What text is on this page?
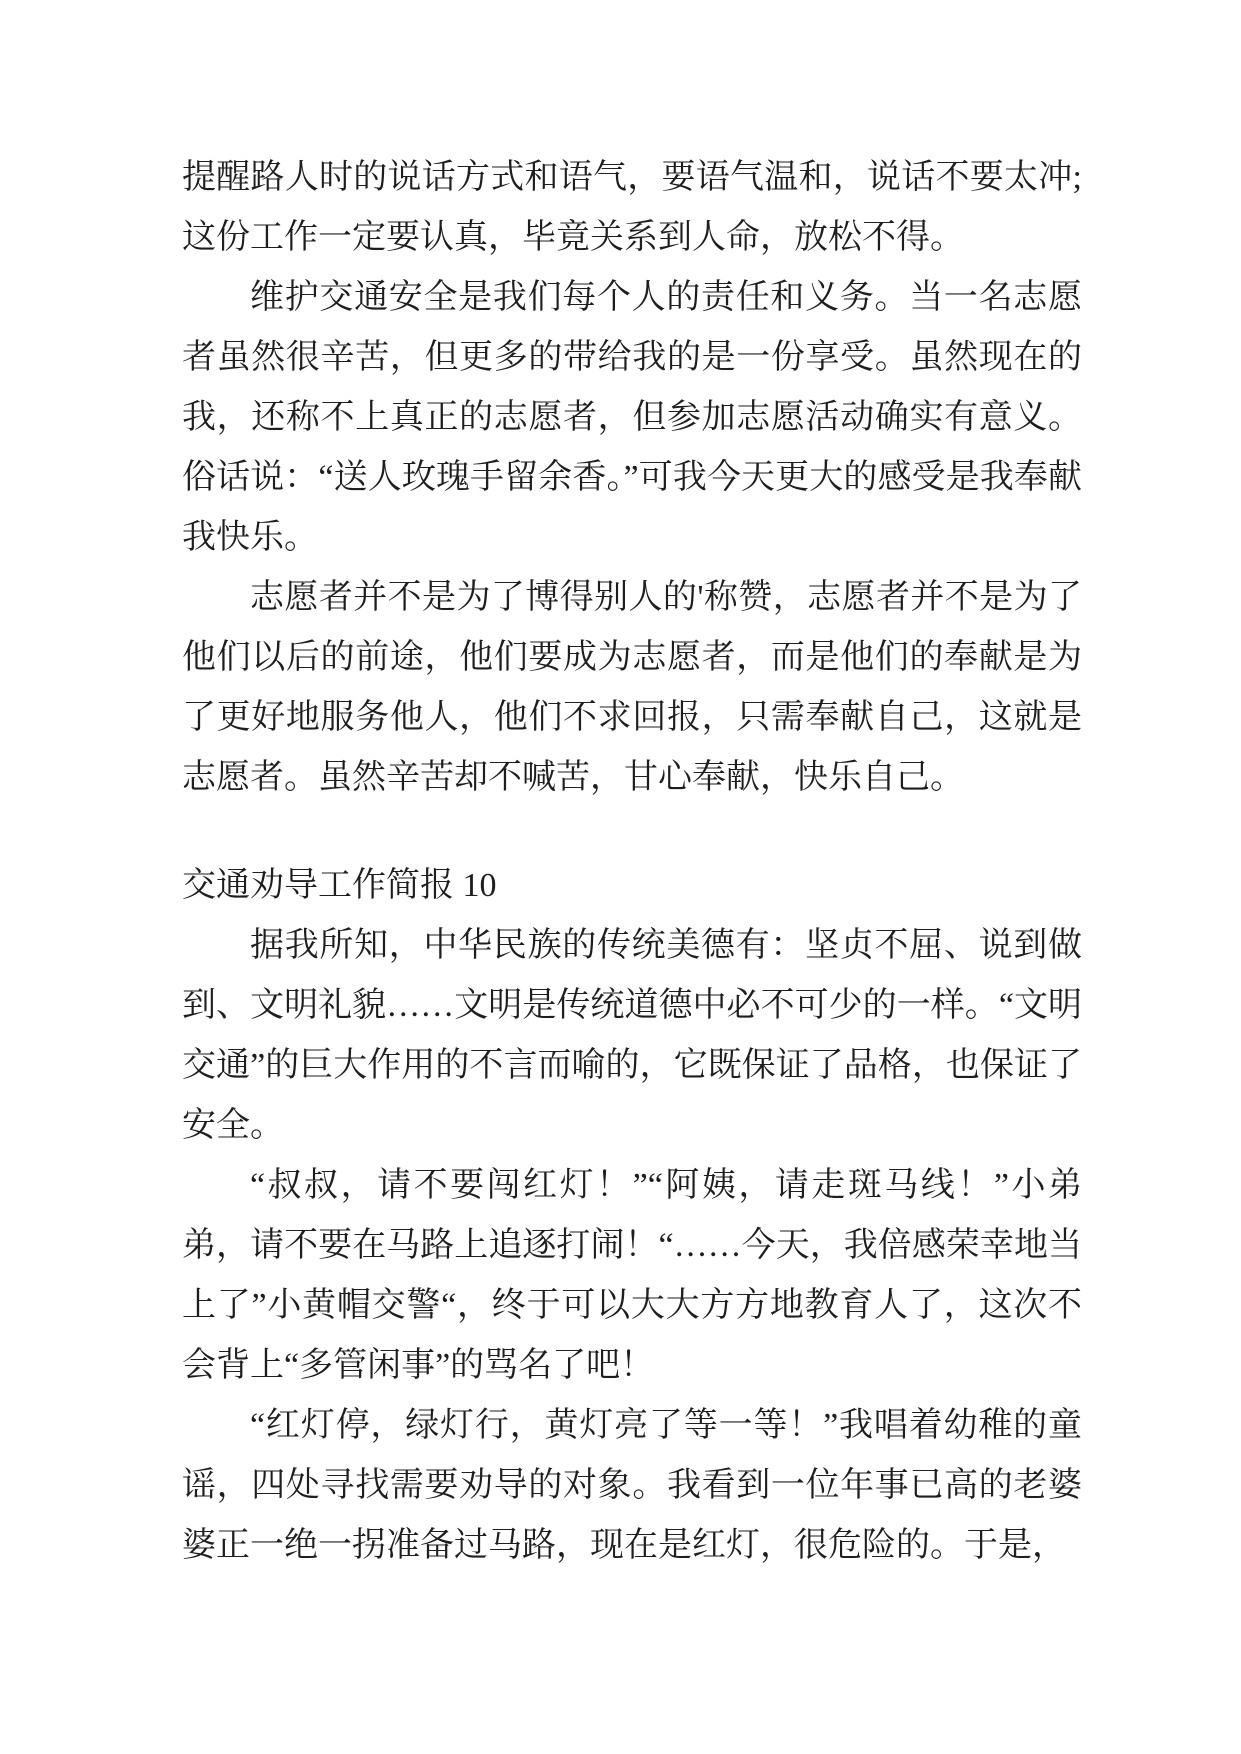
提醒路人时的说话方式和语气，要语气温和，说话不要太冲;这份工作一定要认真，毕竟关系到人命，放松不得。

维护交通安全是我们每个人的责任和义务。当一名志愿者虽然很辛苦，但更多的带给我的是一份享受。虽然现在的我，还称不上真正的志愿者，但参加志愿活动确实有意义。俗话说：“送人玫瑰手留余香。”可我今天更大的感受是我奉献我快乐。

志愿者并不是为了博得别人的'称赞，志愿者并不是为了他们以后的前途，他们要成为志愿者，而是他们的奉献是为了更好地服务他人，他们不求回报，只需奉献自己，这就是志愿者。虽然辛苦却不喊苦，甘心奉献，快乐自己。

交通劝导工作简报 10

据我所知，中华民族的传统美德有：坚贞不屈、说到做到、文明礼貌……文明是传统道德中必不可少的一样。“文明交通”的巨大作用的不言而喻的，它既保证了品格，也保证了安全。

“叔叔，请不要闯红灯！”“阿姨，请走斑马线！”小弟弟，请不要在马路上追逐打闹！“……今天，我倍感荣幸地当上了”小黄帽交警“，终于可以大大方方地教育人了，这次不会背上“多管闲事”的骂名了吧！

“红灯停，绿灯行，黄灯亮了等一等！”我唱着幼稚的童谣，四处寻找需要劝导的对象。我看到一位年事已高的老婆婆正一绝一拐准备过马路，现在是红灯，很危险的。于是，
